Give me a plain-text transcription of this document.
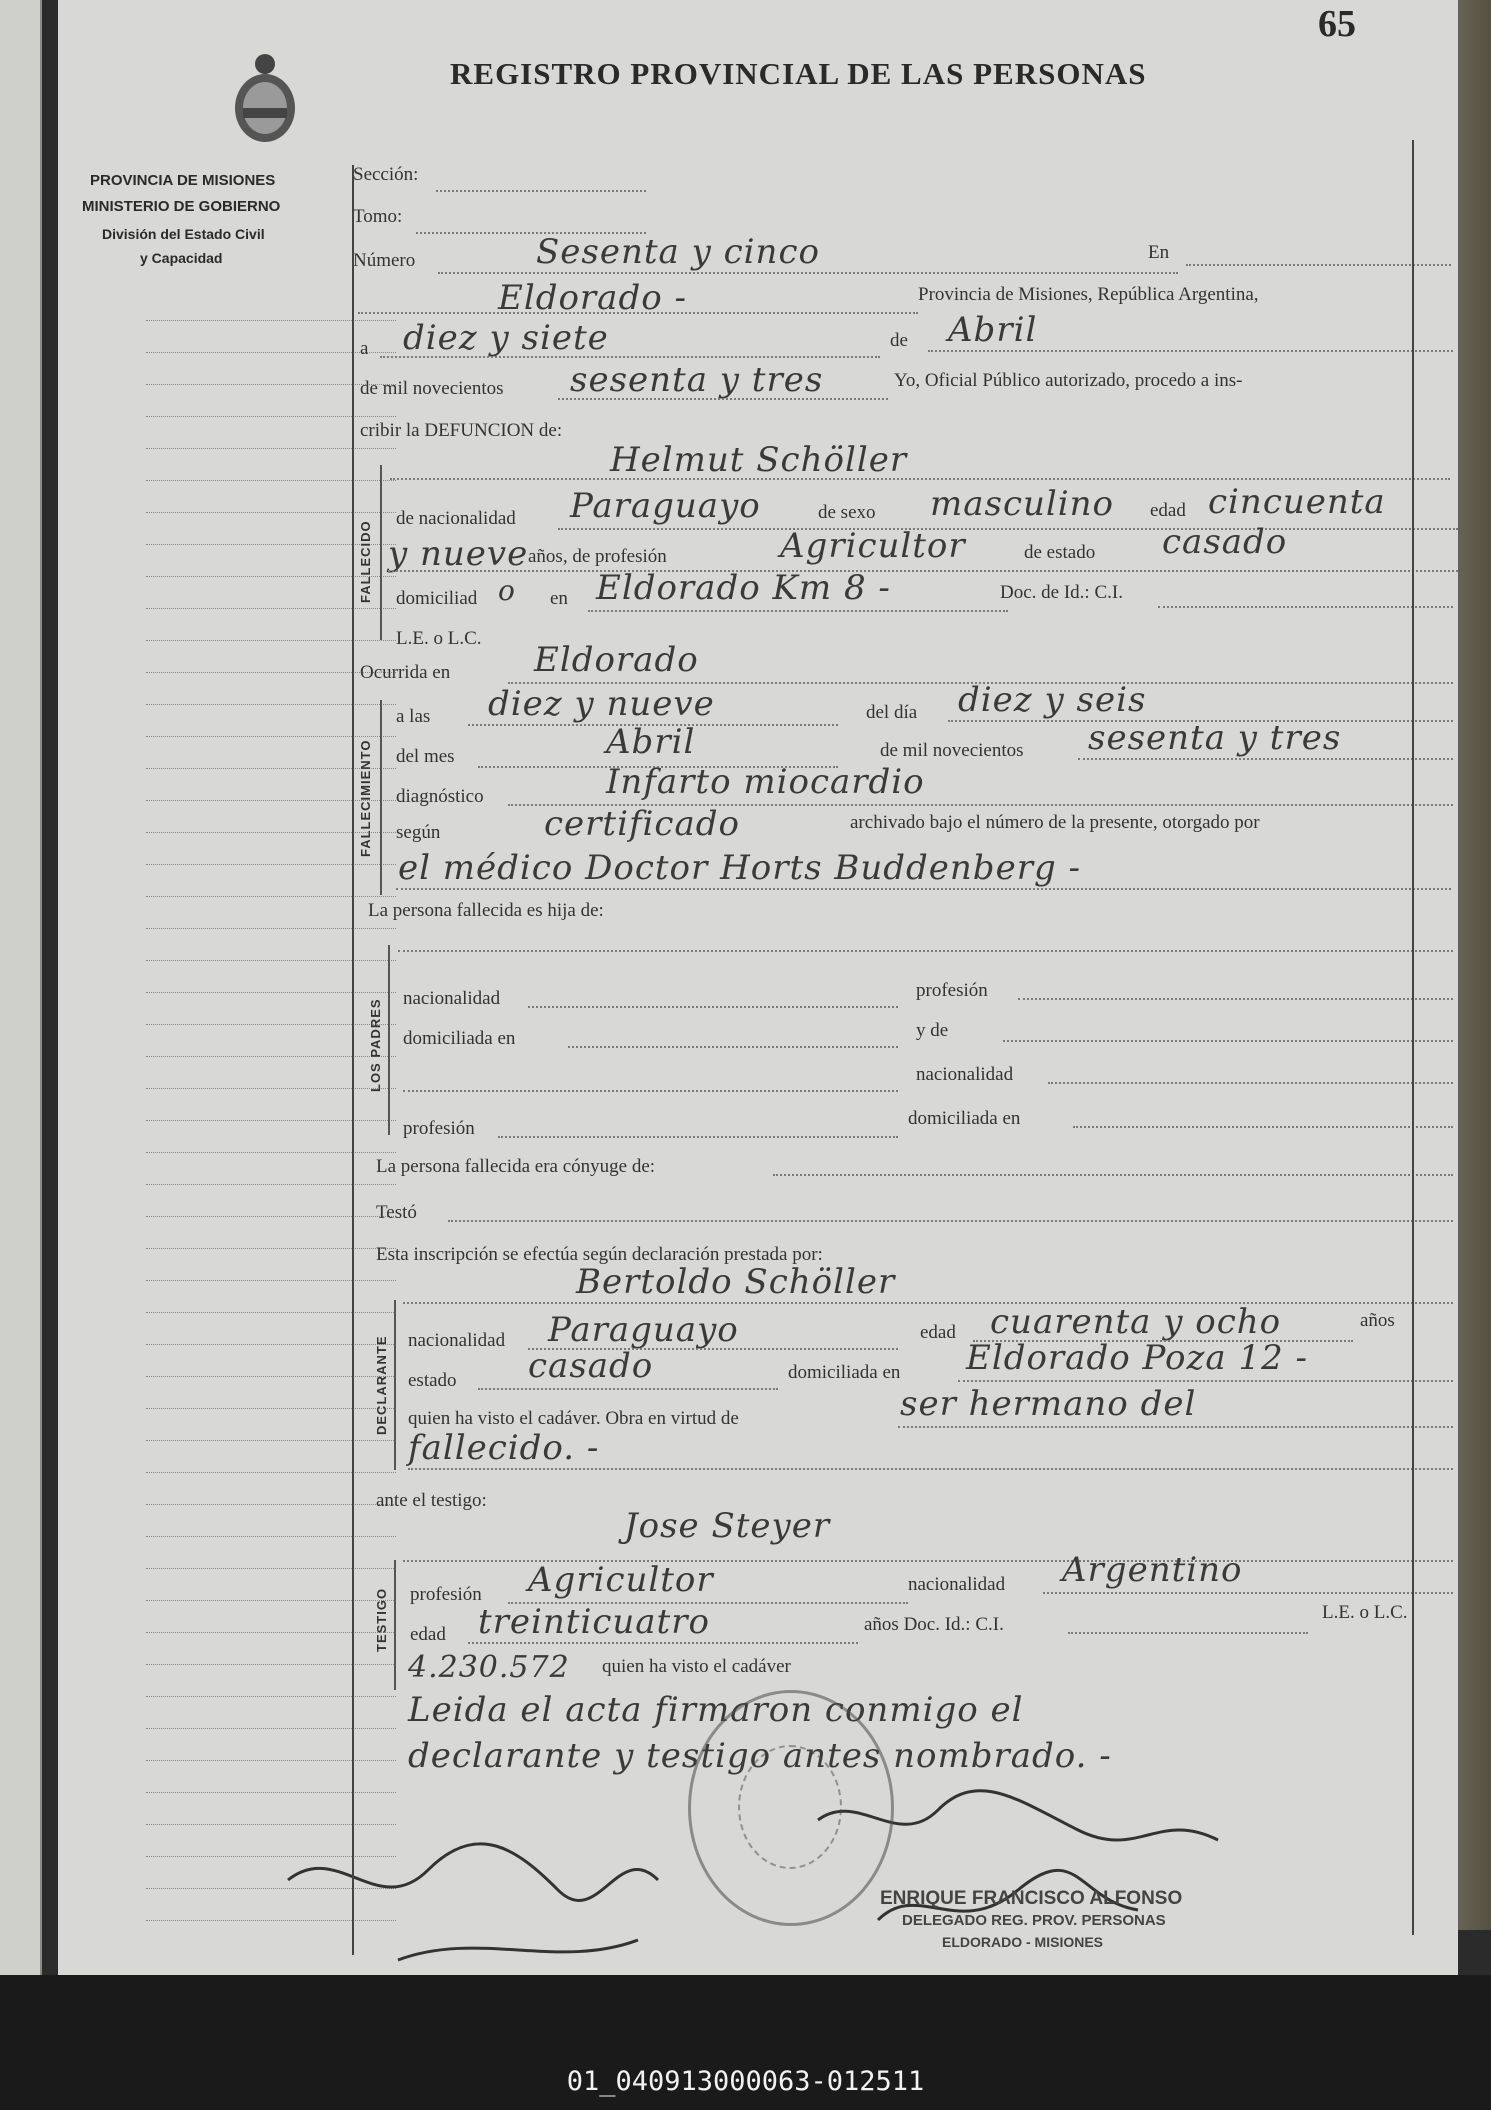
65
REGISTRO PROVINCIAL DE LAS PERSONAS
PROVINCIA DE MISIONES
MINISTERIO DE GOBIERNO
División del Estado Civil
y Capacidad
Sección:
Tomo:
Número	Sesenta y cinco	En
Eldorado -	Provincia de Misiones, República Argentina,
a diez y siete	de Abril
de mil novecientos sesenta y tres	Yo, Oficial Público autorizado, procedo a ins-
cribir la DEFUNCION de:
FALLECIDO
Helmut Schöller
de nacionalidad Paraguayo	de sexo masculino edad cincuenta
y nueve años, de profesión	Agricultor	de estado casado
domiciliad o en Eldorado Km 8 -	Doc. de Id.: C.I.
L.E. o L.C.
Ocurrida en Eldorado
FALLECIMIENTO
a las diez y nueve	del día diez y seis
del mes	Abril	de mil novecientos sesenta y tres
diagnóstico	Infarto miocardio
según	certificado	archivado bajo el número de la presente, otorgado por
el médico Doctor Horts Buddenberg -
La persona fallecida es hija de:
LOS PADRES nacionalidad	profesión
domiciliada en	y de
nacionalidad
profesión	domiciliada en
La persona fallecida era cónyuge de:
Testó
Esta inscripción se efectúa según declaración prestada por:
DECLARANTE
Bertoldo Schöller
nacionalidad Paraguayo	edad cuarenta y ocho	años
estado casado	domiciliada en Eldorado Poza 12 -
quien ha visto el cadáver. Obra en virtud de	ser hermano del
fallecido. -
ante el testigo:
TESTIGO
Jose Steyer
profesión Agricultor	nacionalidad Argentino
edad treinticuatro	años Doc. Id.: C.I.
L.E. o L.C.
4.230.572 quien ha visto el cadáver
Leida el acta firmaron conmigo el
declarante y testigo antes nombrado. -
ENRIQUE FRANCISCO ALFONSO
DELEGADO REG. PROV. PERSONAS
ELDORADO - MISIONES
01_040913000063-012511
